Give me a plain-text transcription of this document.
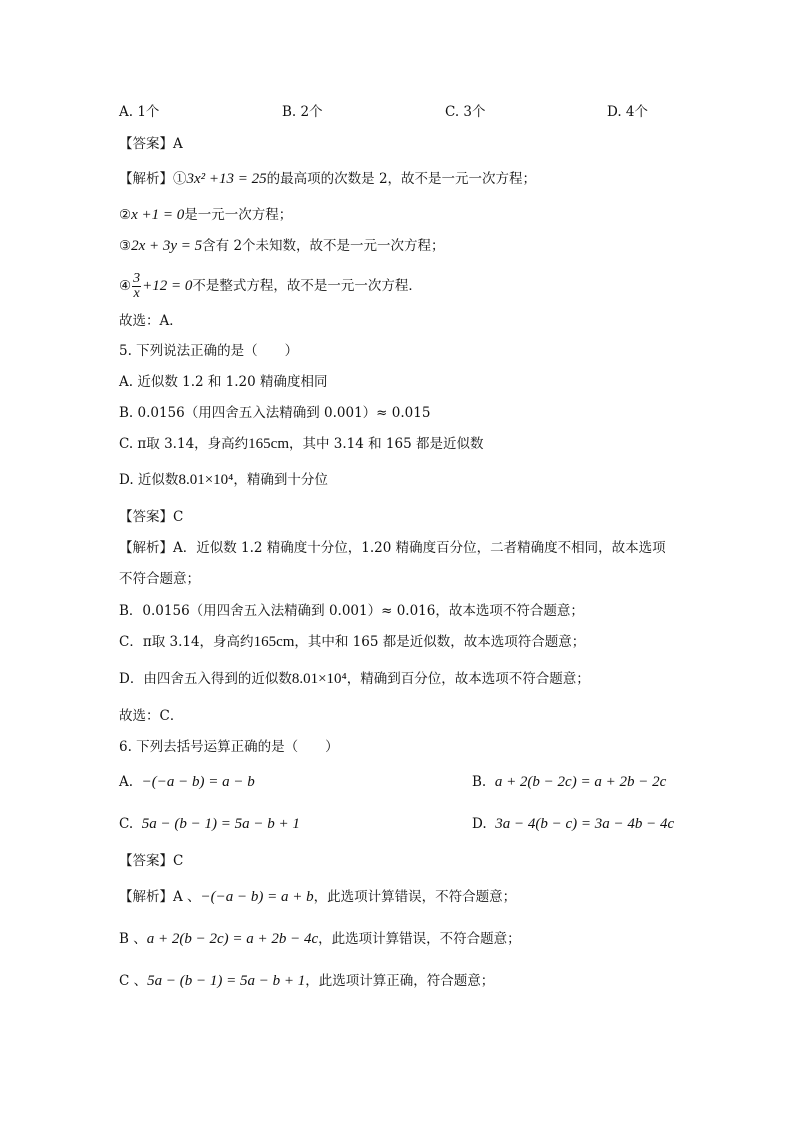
A. 1个	B. 2个	C. 3个	D. 4个
【答案】A
【解析】①3x² +13 = 25的最高项的次数是 2，故不是一元一次方程；
②x +1 = 0是一元一次方程；
③2x + 3y = 5含有 2个未知数，故不是一元一次方程；
④ $\frac{3}{x} +12 = 0$不是整式方程，故不是一元一次方程．
故选：A．
5. 下列说法正确的是（　　）
A. 近似数 1.2 和 1.20 精确度相同
B. 0.0156（用四舍五入法精确到 0.001）≈ 0.015
C. π取 3.14，身高约165cm，其中 3.14 和 165 都是近似数
D. 近似数8.01×10⁴，精确到十分位
【答案】C
【解析】A．近似数 1.2 精确度十分位，1.20 精确度百分位，二者精确度不相同，故本选项
不符合题意；
B．0.0156（用四舍五入法精确到 0.001）≈ 0.016，故本选项不符合题意；
C．π取 3.14，身高约165cm，其中和 165 都是近似数，故本选项符合题意；
D．由四舍五入得到的近似数8.01×10⁴，精确到百分位，故本选项不符合题意；
故选：C．
6. 下列去括号运算正确的是（　　）
A. −(−a − b) = a − b	B. a + 2(b − 2c) = a + 2b − 2c
C. 5a − (b − 1) = 5a − b + 1	D. 3a − 4(b − c) = 3a − 4b − 4c
【答案】C
【解析】A 、−(−a − b) = a + b，此选项计算错误，不符合题意；
B 、a + 2(b − 2c) = a + 2b − 4c，此选项计算错误，不符合题意；
C 、5a − (b − 1) = 5a − b + 1，此选项计算正确，符合题意；
